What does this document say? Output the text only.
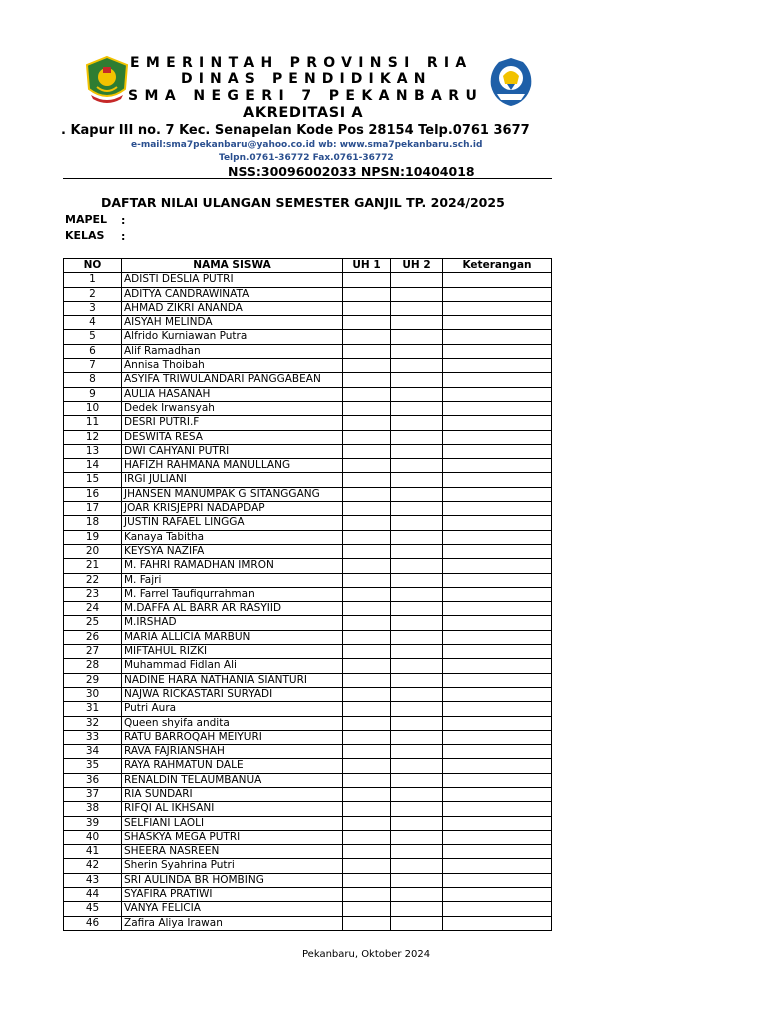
EMERINTAH PROVINSI RIA
DINAS PENDIDIKAN
SMA NEGERI 7 PEKANBARU
AKREDITASI A
. Kapur III no. 7 Kec. Senapelan Kode Pos 28154 Telp.0761 3677
e-mail:sma7pekanbaru@yahoo.co.id wb: www.sma7pekanbaru.sch.id
Telpn.0761-36772 Fax.0761-36772
NSS:30096002033 NPSN:10404018
DAFTAR NILAI ULANGAN SEMESTER GANJIL TP. 2024/2025
MAPEL :
KELAS :
NO	NAMA SISWA	UH 1	UH 2	Keterangan
1	ADISTI DESLIA PUTRI			
2	ADITYA CANDRAWINATA			
3	AHMAD ZIKRI ANANDA			
4	AISYAH MELINDA			
5	Alfrido Kurniawan Putra			
6	Alif Ramadhan			
7	Annisa Thoibah			
8	ASYIFA TRIWULANDARI PANGGABEAN			
9	AULIA HASANAH			
10	Dedek Irwansyah			
11	DESRI PUTRI.F			
12	DESWITA RESA			
13	DWI CAHYANI PUTRI			
14	HAFIZH RAHMANA MANULLANG			
15	IRGI JULIANI			
16	JHANSEN MANUMPAK G SITANGGANG			
17	JOAR KRISJEPRI NADAPDAP			
18	JUSTIN RAFAEL LINGGA			
19	Kanaya Tabitha			
20	KEYSYA NAZIFA			
21	M. FAHRI RAMADHAN IMRON			
22	M. Fajri			
23	M. Farrel Taufiqurrahman			
24	M.DAFFA AL BARR AR RASYIID			
25	M.IRSHAD			
26	MARIA ALLICIA MARBUN			
27	MIFTAHUL RIZKI			
28	Muhammad Fidlan Ali			
29	NADINE HARA NATHANIA SIANTURI			
30	NAJWA RICKASTARI SURYADI			
31	Putri Aura			
32	Queen shyifa andita			
33	RATU BARROQAH MEIYURI			
34	RAVA FAJRIANSHAH			
35	RAYA RAHMATUN DALE			
36	RENALDIN TELAUMBANUA			
37	RIA SUNDARI			
38	RIFQI AL IKHSANI			
39	SELFIANI LAOLI			
40	SHASKYA MEGA PUTRI			
41	SHEERA NASREEN			
42	Sherin Syahrina Putri			
43	SRI AULINDA BR HOMBING			
44	SYAFIRA PRATIWI			
45	VANYA FELICIA			
46	Zafira Aliya Irawan			
Pekanbaru, Oktober 2024
